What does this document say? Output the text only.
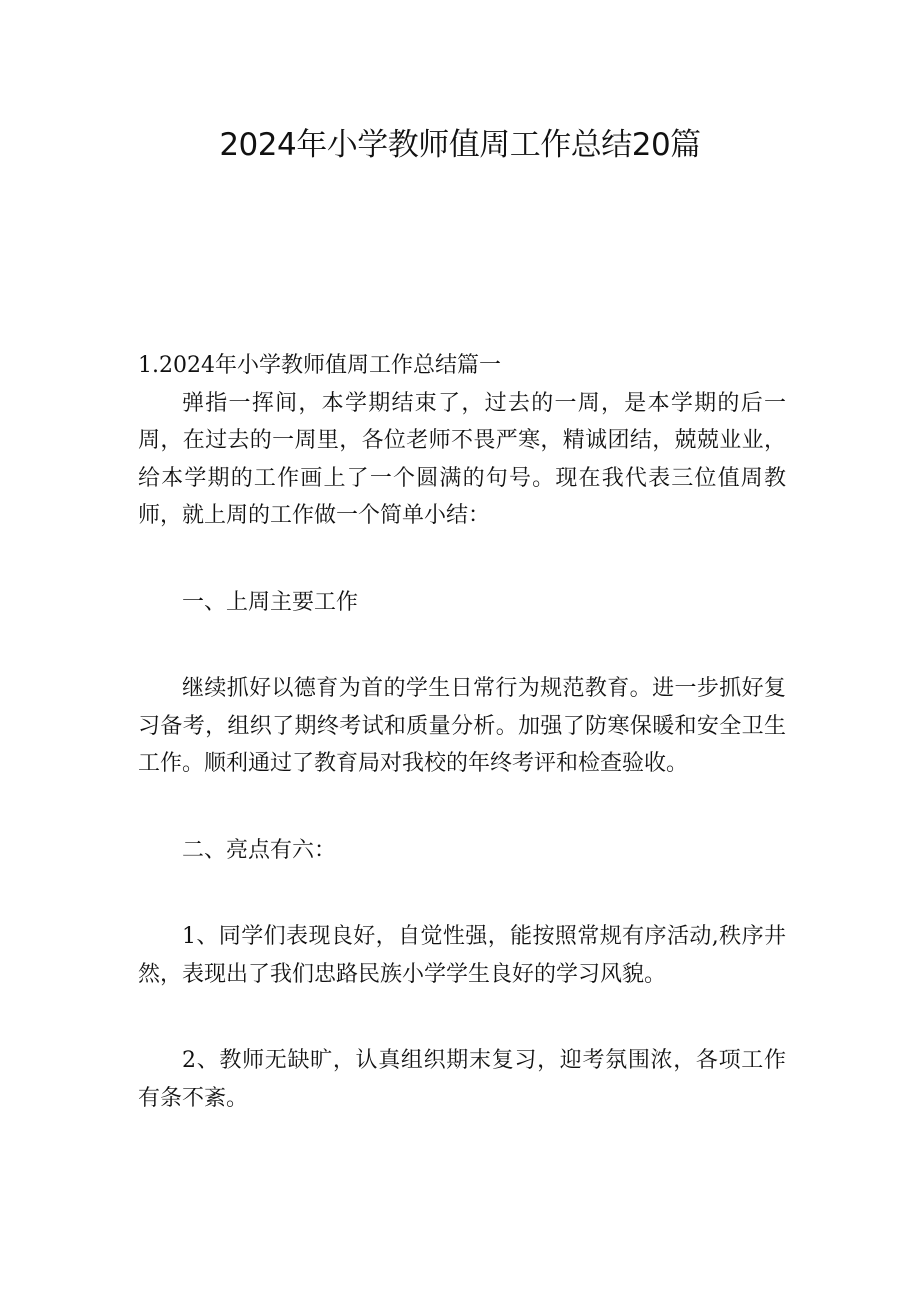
2024年小学教师值周工作总结20篇

1.2024年小学教师值周工作总结篇一

弹指一挥间，本学期结束了，过去的一周，是本学期的后一周，在过去的一周里，各位老师不畏严寒，精诚团结，兢兢业业，给本学期的工作画上了一个圆满的句号。现在我代表三位值周教师，就上周的工作做一个简单小结：

一、上周主要工作

继续抓好以德育为首的学生日常行为规范教育。进一步抓好复习备考，组织了期终考试和质量分析。加强了防寒保暖和安全卫生工作。顺利通过了教育局对我校的年终考评和检查验收。

二、亮点有六：

1、同学们表现良好，自觉性强，能按照常规有序活动,秩序井然，表现出了我们忠路民族小学学生良好的学习风貌。

2、教师无缺旷，认真组织期末复习，迎考氛围浓，各项工作有条不紊。
